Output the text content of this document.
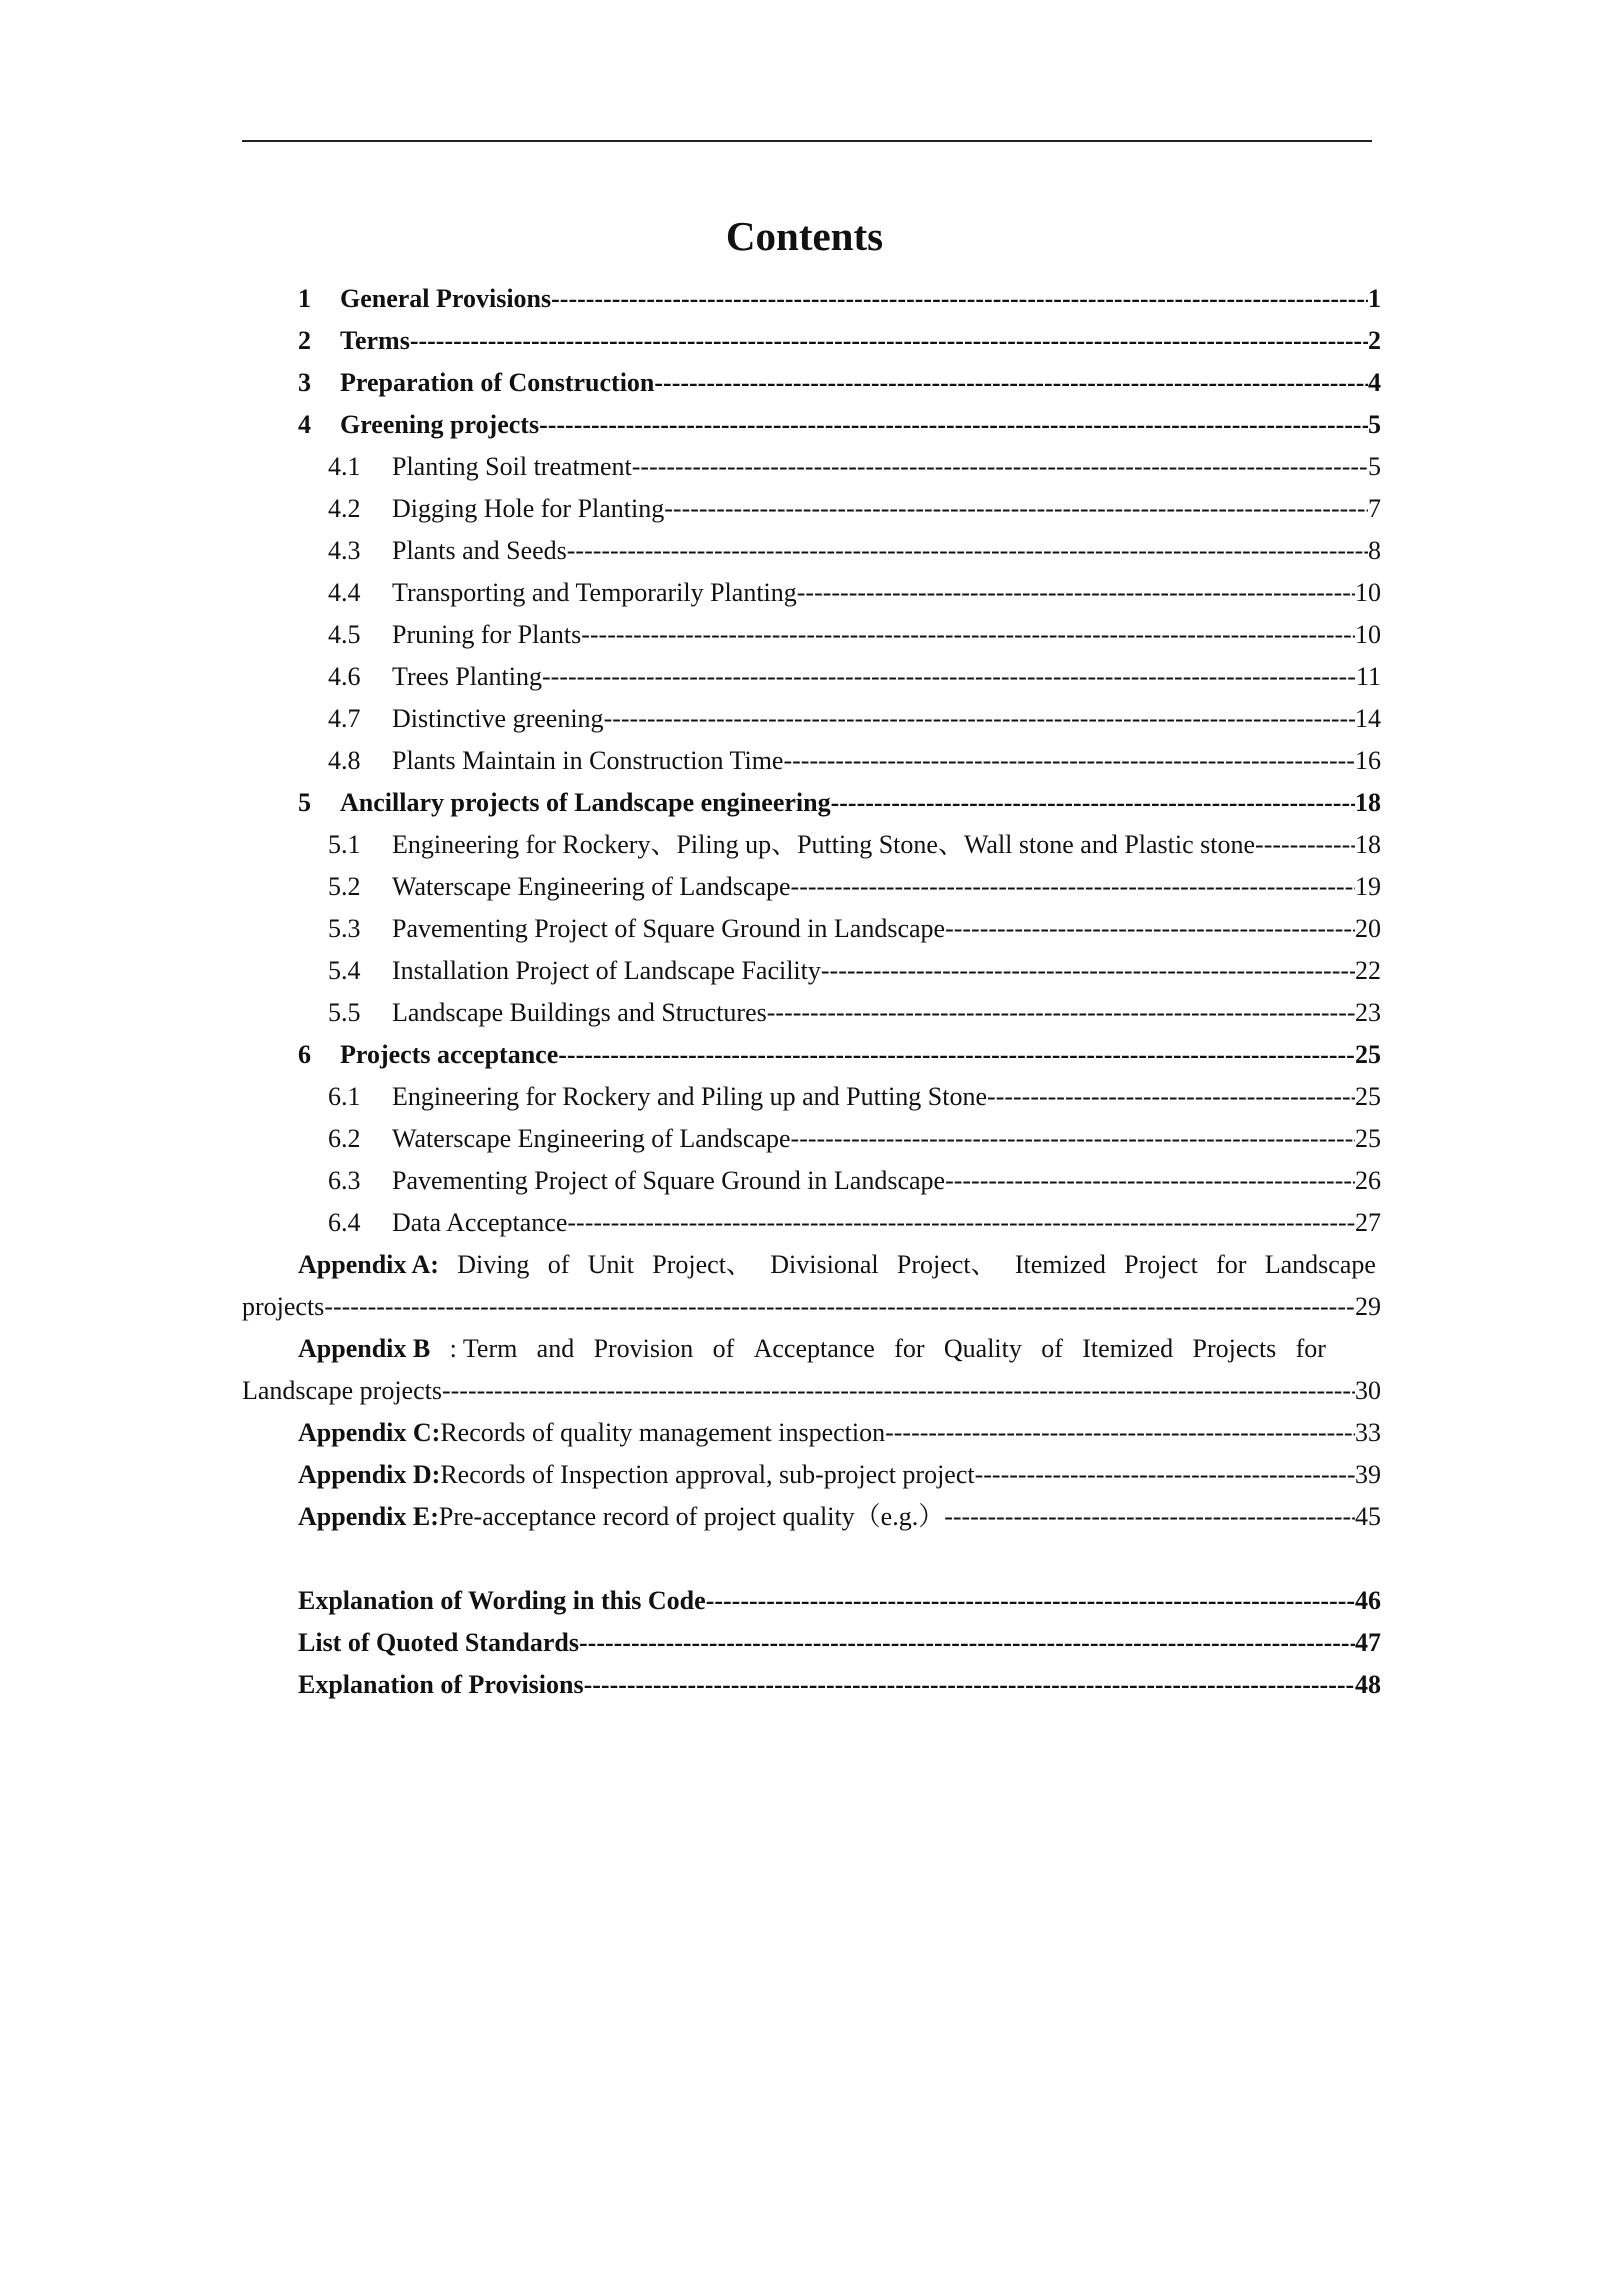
Contents
1	General Provisions -----	1
2	Terms -----	2
3	Preparation of Construction -----	4
4	Greening projects -----	5
4.1	Planting Soil treatment -----	5
4.2	Digging Hole for Planting -----	7
4.3	Plants and Seeds -----	8
4.4	Transporting and Temporarily Planting -----	10
4.5	Pruning for Plants -----	10
4.6	Trees Planting -----	11
4.7	Distinctive greening -----	14
4.8	Plants Maintain in Construction Time -----	16
5	Ancillary projects of Landscape engineering -----	18
5.1	Engineering for Rockery、Piling up、Putting Stone、Wall stone and Plastic stone -----	18
5.2	Waterscape Engineering of Landscape -----	19
5.3	Pavementing Project of Square Ground in Landscape -----	20
5.4	Installation Project of Landscape Facility -----	22
5.5	Landscape Buildings and Structures -----	23
6	Projects acceptance -----	25
6.1	Engineering for Rockery and Piling up and Putting Stone -----	25
6.2	Waterscape Engineering of Landscape -----	25
6.3	Pavementing Project of Square Ground in Landscape -----	26
6.4	Data Acceptance -----	27
Appendix A: Diving of Unit Project、 Divisional Project、 Itemized Project for Landscape
projects -----	29
Appendix B : Term and Provision of Acceptance for Quality of Itemized Projects for
Landscape projects -----	30
Appendix C: Records of quality management inspection -----	33
Appendix D: Records of Inspection approval, sub-project project -----	39
Appendix E: Pre-acceptance record of project quality（e.g.） -----	45
Explanation of Wording in this Code -----	46
List of Quoted Standards -----	47
Explanation of Provisions -----	48
